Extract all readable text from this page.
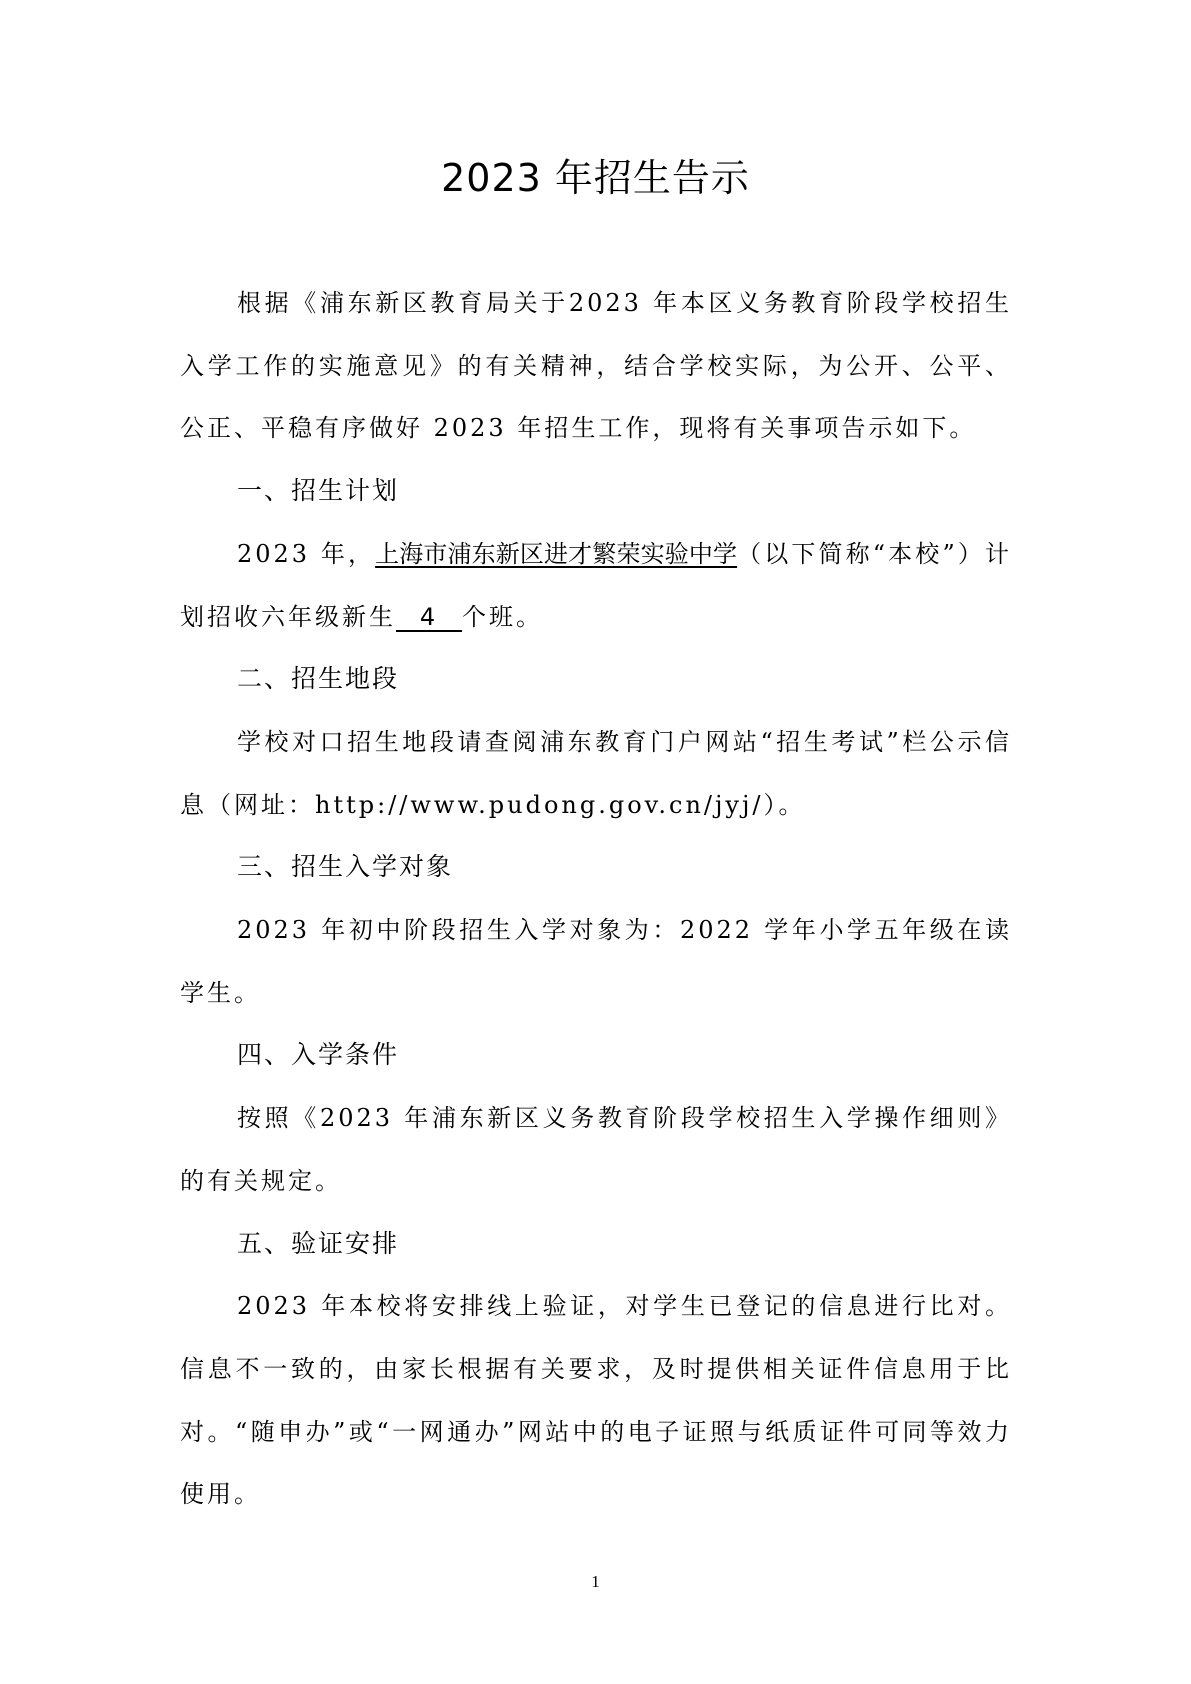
2023 年招生告示

根据《浦东新区教育局关于2023 年本区义务教育阶段学校招生入学工作的实施意见》的有关精神，结合学校实际，为公开、公平、公正、平稳有序做好 2023 年招生工作，现将有关事项告示如下。

一、招生计划

2023 年，上海市浦东新区进才繁荣实验中学（以下简称“本校”）计划招收六年级新生 4 个班。

二、招生地段

学校对口招生地段请查阅浦东教育门户网站“招生考试”栏公示信息（网址：http://www.pudong.gov.cn/jyj/）。

三、招生入学对象

2023 年初中阶段招生入学对象为：2022 学年小学五年级在读学生。

四、入学条件

按照《2023 年浦东新区义务教育阶段学校招生入学操作细则》的有关规定。

五、验证安排

2023 年本校将安排线上验证，对学生已登记的信息进行比对。信息不一致的，由家长根据有关要求，及时提供相关证件信息用于比对。“随申办”或“一网通办”网站中的电子证照与纸质证件可同等效力使用。

1
